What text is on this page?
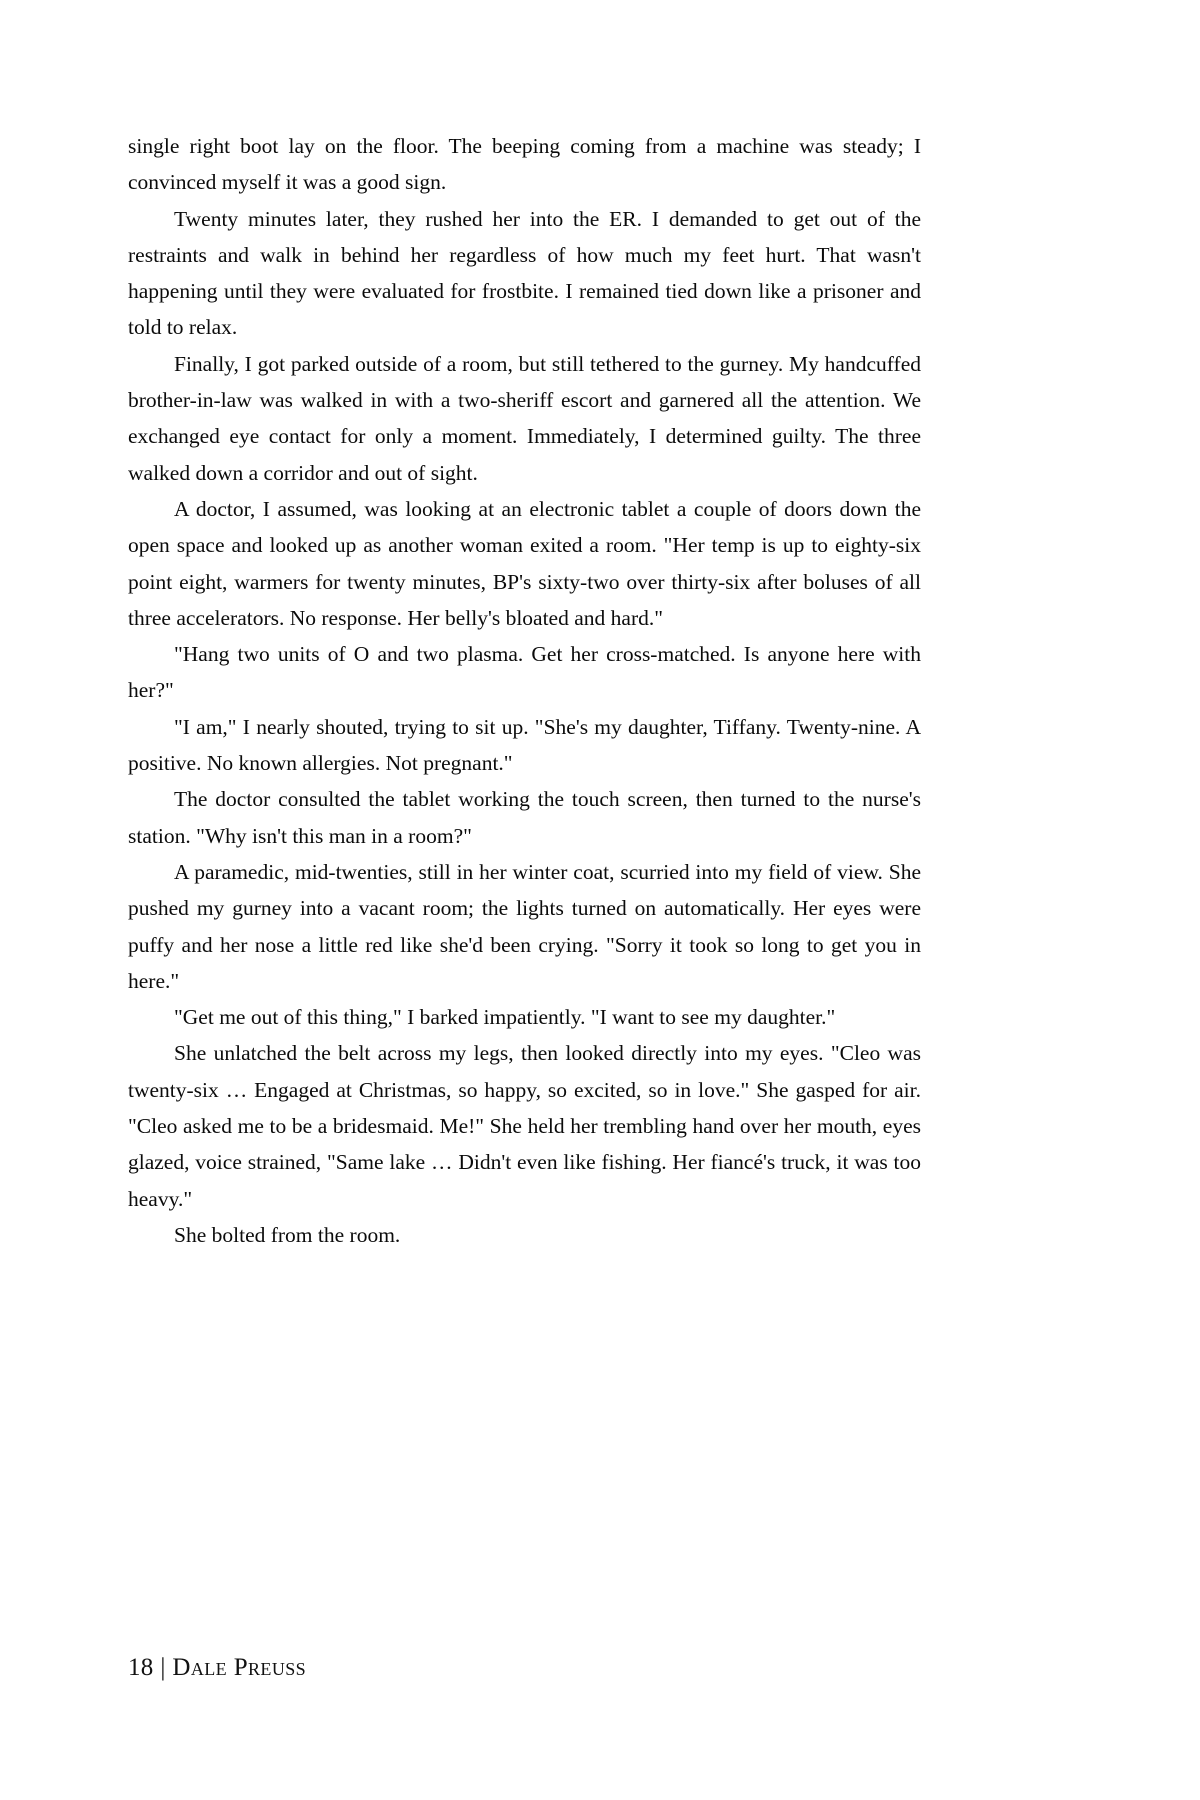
single right boot lay on the floor. The beeping coming from a machine was steady; I convinced myself it was a good sign.

Twenty minutes later, they rushed her into the ER. I demanded to get out of the restraints and walk in behind her regardless of how much my feet hurt. That wasn't happening until they were evaluated for frostbite. I remained tied down like a prisoner and told to relax.

Finally, I got parked outside of a room, but still tethered to the gurney. My handcuffed brother-in-law was walked in with a two-sheriff escort and garnered all the attention. We exchanged eye contact for only a moment. Immediately, I determined guilty. The three walked down a corridor and out of sight.

A doctor, I assumed, was looking at an electronic tablet a couple of doors down the open space and looked up as another woman exited a room. "Her temp is up to eighty-six point eight, warmers for twenty minutes, BP's sixty-two over thirty-six after boluses of all three accelerators. No response. Her belly's bloated and hard."

"Hang two units of O and two plasma. Get her cross-matched. Is anyone here with her?"

"I am," I nearly shouted, trying to sit up. "She's my daughter, Tiffany. Twenty-nine. A positive. No known allergies. Not pregnant."

The doctor consulted the tablet working the touch screen, then turned to the nurse's station. "Why isn't this man in a room?"

A paramedic, mid-twenties, still in her winter coat, scurried into my field of view. She pushed my gurney into a vacant room; the lights turned on automatically. Her eyes were puffy and her nose a little red like she'd been crying. "Sorry it took so long to get you in here."

"Get me out of this thing," I barked impatiently. "I want to see my daughter."

She unlatched the belt across my legs, then looked directly into my eyes. "Cleo was twenty-six … Engaged at Christmas, so happy, so excited, so in love." She gasped for air. "Cleo asked me to be a bridesmaid. Me!" She held her trembling hand over her mouth, eyes glazed, voice strained, "Same lake … Didn't even like fishing. Her fiancé's truck, it was too heavy."

She bolted from the room.

18 | Dale Preuss
